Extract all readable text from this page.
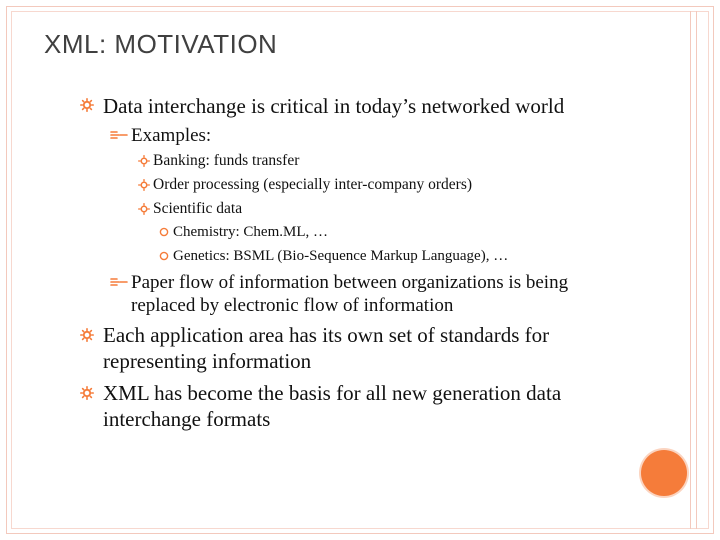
XML: MOTIVATION
Data interchange is critical in today’s networked world
Examples:
Banking: funds transfer
Order processing (especially inter-company orders)
Scientific data
Chemistry: Chem.ML, …
Genetics: BSML (Bio-Sequence Markup Language), …
Paper flow of information between organizations is being
replaced by electronic flow of information
Each application area has its own set of standards for
representing information
XML has become the basis for all new generation data
interchange formats
